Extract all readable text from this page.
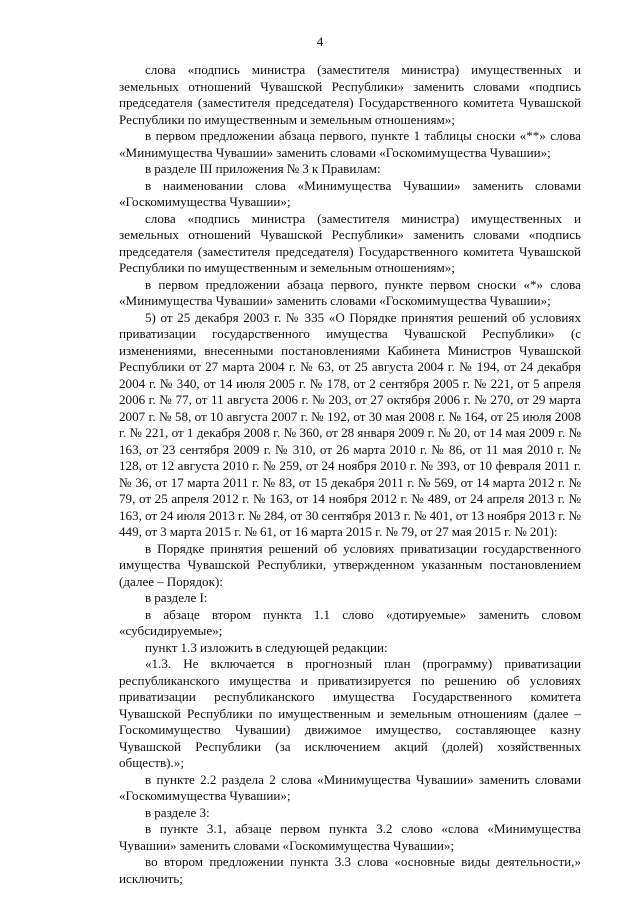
4

слова «подпись министра (заместителя министра) имущественных и земельных отношений Чувашской Республики» заменить словами «подпись председателя (заместителя председателя) Государственного комитета Чувашской Республики по имущественным и земельным отношениям»;

в первом предложении абзаца первого, пункте 1 таблицы сноски «**» слова «Минимущества Чувашии» заменить словами «Госкомимущества Чувашии»;

в разделе III приложения № 3 к Правилам:

в наименовании слова «Минимущества Чувашии» заменить словами «Госкомимущества Чувашии»;

слова «подпись министра (заместителя министра) имущественных и земельных отношений Чувашской Республики» заменить словами «подпись председателя (заместителя председателя) Государственного комитета Чувашской Республики по имущественным и земельным отношениям»;

в первом предложении абзаца первого, пункте первом сноски «*» слова «Минимущества Чувашии» заменить словами «Госкомимущества Чувашии»;

5) от 25 декабря 2003 г. № 335 «О Порядке принятия решений об условиях приватизации государственного имущества Чувашской Республики» (с изменениями, внесенными постановлениями Кабинета Министров Чувашской Республики от 27 марта 2004 г. № 63, от 25 августа 2004 г. № 194, от 24 декабря 2004 г. № 340, от 14 июля 2005 г. № 178, от 2 сентября 2005 г. № 221, от 5 апреля 2006 г. № 77, от 11 августа 2006 г. № 203, от 27 октября 2006 г. № 270, от 29 марта 2007 г. № 58, от 10 августа 2007 г. № 192, от 30 мая 2008 г. № 164, от 25 июля 2008 г. № 221, от 1 декабря 2008 г. № 360, от 28 января 2009 г. № 20, от 14 мая 2009 г. № 163, от 23 сентября 2009 г. № 310, от 26 марта 2010 г. № 86, от 11 мая 2010 г. № 128, от 12 августа 2010 г. № 259, от 24 ноября 2010 г. № 393, от 10 февраля 2011 г. № 36, от 17 марта 2011 г. № 83, от 15 декабря 2011 г. № 569, от 14 марта 2012 г. № 79, от 25 апреля 2012 г. № 163, от 14 ноября 2012 г. № 489, от 24 апреля 2013 г. № 163, от 24 июля 2013 г. № 284, от 30 сентября 2013 г. № 401, от 13 ноября 2013 г. № 449, от 3 марта 2015 г. № 61, от 16 марта 2015 г. № 79, от 27 мая 2015 г. № 201):

в Порядке принятия решений об условиях приватизации государственного имущества Чувашской Республики, утвержденном указанным постановлением (далее – Порядок):

в разделе I:

в абзаце втором пункта 1.1 слово «дотируемые» заменить словом «субсидируемые»;

пункт 1.3 изложить в следующей редакции:

«1.3. Не включается в прогнозный план (программу) приватизации республиканского имущества и приватизируется по решению об условиях приватизации республиканского имущества Государственного комитета Чувашской Республики по имущественным и земельным отношениям (далее – Госкомимущество Чувашии) движимое имущество, составляющее казну Чувашской Республики (за исключением акций (долей) хозяйственных обществ).»;

в пункте 2.2 раздела 2 слова «Минимущества Чувашии» заменить словами «Госкомимущества Чувашии»;

в разделе 3:

в пункте 3.1, абзаце первом пункта 3.2 слово «слова «Минимущества Чувашии» заменить словами «Госкомимущества Чувашии»;

во втором предложении пункта 3.3 слова «основные виды деятельности,» исключить;
